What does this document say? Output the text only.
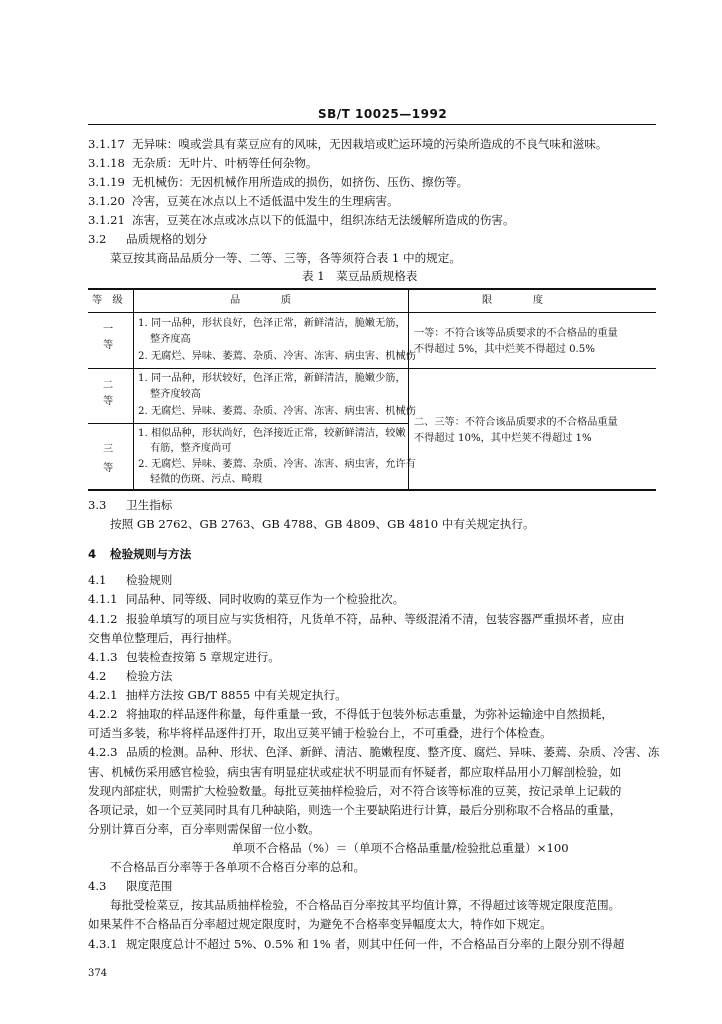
SB/T 10025—1992
3.1.17 无异味：嗅或尝具有菜豆应有的风味，无因栽培或贮运环境的污染所造成的不良气味和滋味。
3.1.18 无杂质：无叶片、叶柄等任何杂物。
3.1.19 无机械伤：无因机械作用所造成的损伤，如挤伤、压伤、擦伤等。
3.1.20 冷害，豆荚在冰点以上不适低温中发生的生理病害。
3.1.21 冻害，豆荚在冰点或冰点以下的低温中，组织冻结无法缓解所造成的伤害。
3.2 品质规格的划分
菜豆按其商品品质分一等、二等、三等，各等须符合表 1 中的规定。
表 1　菜豆品质规格表
等　级	品　　　　质	限　　　　度
一等
1. 同一品种，形状良好，色泽正常，新鲜清洁，脆嫩无筋，
整齐度高
2. 无腐烂、异味、萎蔫、杂质、冷害、冻害、病虫害、机械伤
二等
1. 同一品种，形状较好，色泽正常，新鲜清洁，脆嫩少筋，
整齐度较高
2. 无腐烂、异味、萎蔫、杂质、冷害、冻害、病虫害、机械伤
三等
1. 相似品种，形状尚好，色泽接近正常，较新鲜清洁，较嫩
有筋，整齐度尚可
2. 无腐烂、异味、萎蔫、杂质、冷害、冻害、病虫害，允许有
轻微的伤斑、污点、畸瑕
一等：不符合该等品质要求的不合格品的重量
不得超过 5%，其中烂荚不得超过 0.5%
二、三等：不符合该品质要求的不合格品重量
不得超过 10%，其中烂荚不得超过 1%
3.3 卫生指标
按照 GB 2762、GB 2763、GB 4788、GB 4809、GB 4810 中有关规定执行。
4 检验规则与方法
4.1 检验规则
4.1.1 同品种、同等级、同时收购的菜豆作为一个检验批次。
4.1.2 报验单填写的项目应与实货相符，凡货单不符，品种、等级混淆不清，包装容器严重损坏者，应由
交售单位整理后，再行抽样。
4.1.3 包装检查按第 5 章规定进行。
4.2 检验方法
4.2.1 抽样方法按 GB/T 8855 中有关规定执行。
4.2.2 将抽取的样品逐件称量，每件重量一致，不得低于包装外标志重量，为弥补运输途中自然损耗，
可适当多装，称毕将样品逐件打开，取出豆荚平铺于检验台上，不可重叠，进行个体检查。
4.2.3 品质的检测。品种、形状、色泽、新鲜、清洁、脆嫩程度、整齐度、腐烂、异味、萎蔫、杂质、冷害、冻
害、机械伤采用感官检验，病虫害有明显症状或症状不明显而有怀疑者，都应取样品用小刀解剖检验，如
发现内部症状，则需扩大检验数量。每批豆荚抽样检验后，对不符合该等标准的豆荚，按记录单上记载的
各项记录，如一个豆荚同时具有几种缺陷，则选一个主要缺陷进行计算，最后分别称取不合格品的重量，
分别计算百分率，百分率则需保留一位小数。
单项不合格品（%）＝（单项不合格品重量/检验批总重量）×100
不合格品百分率等于各单项不合格百分率的总和。
4.3 限度范围
每批受检菜豆，按其品质抽样检验，不合格品百分率按其平均值计算，不得超过该等规定限度范围。
如果某件不合格品百分率超过规定限度时，为避免不合格率变异幅度太大，特作如下规定。
4.3.1 规定限度总计不超过 5%、0.5% 和 1% 者，则其中任何一件，不合格品百分率的上限分别不得超
374
